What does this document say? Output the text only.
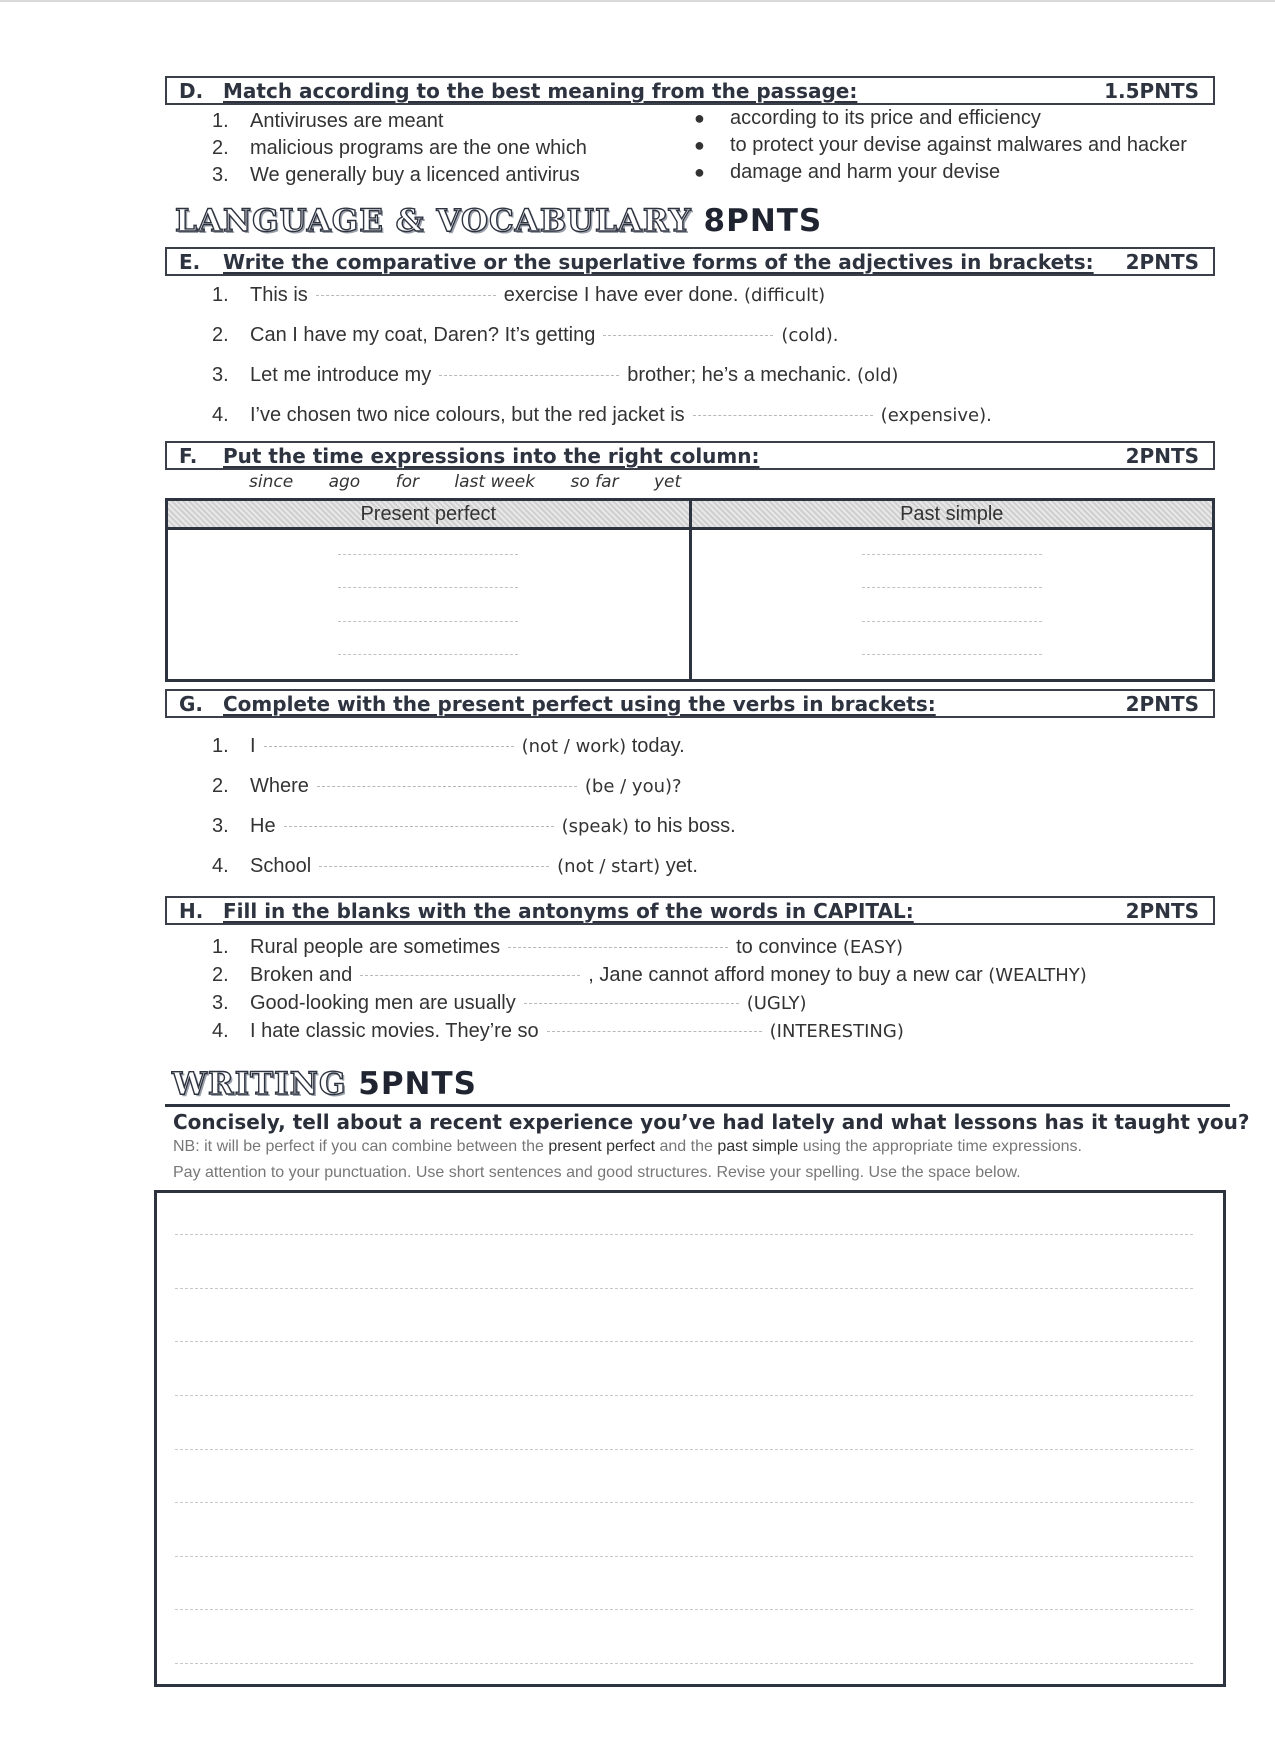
D. Match according to the best meaning from the passage:	1.5PNTS
1.	Antiviruses are meant
2.	malicious programs are the one which
3.	We generally buy a licenced antivirus
● according to its price and efficiency
● to protect your devise against malwares and hacker
● damage and harm your devise
LANGUAGE & VOCABULARY 8PNTS
E.	Write the comparative or the superlative forms of the adjectives in brackets:	2PNTS
1.	This is	exercise I have ever done.
(difficult)
2.	Can I have my coat, Daren? It’s getting	(cold).
3.	Let me introduce my	brother; he’s a mechanic.
(old)
4.	I’ve chosen two nice colours, but the red jacket is	(expensive).
F.	Put the time expressions into the right column:	2PNTS
since ago for last week so far yet
Present perfect	Past simple
G. Complete with the present perfect using the verbs in brackets:	2PNTS
1.	I	(not / work)
today.
2.	Where	(be / you)?
3.	He	(speak)
to his boss.
4.	School	(not / start)
yet.
H. Fill in the blanks with the antonyms of the words in CAPITAL:	2PNTS
1.	Rural people are sometimes	to convince
(EASY)
2.	Broken and	, Jane cannot afford money to buy a new car
(WEALTHY)
3.	Good-looking men are usually	(UGLY)
4.	I hate classic movies. They’re so	(INTERESTING)
WRITING 5PNTS
Concisely, tell about a recent experience you’ve had lately and what lessons has it taught you?
NB: it will be perfect if you can combine between the present perfect and the past simple using the appropriate time expressions.
Pay attention to your punctuation. Use short sentences and good structures. Revise your spelling. Use the space below.
